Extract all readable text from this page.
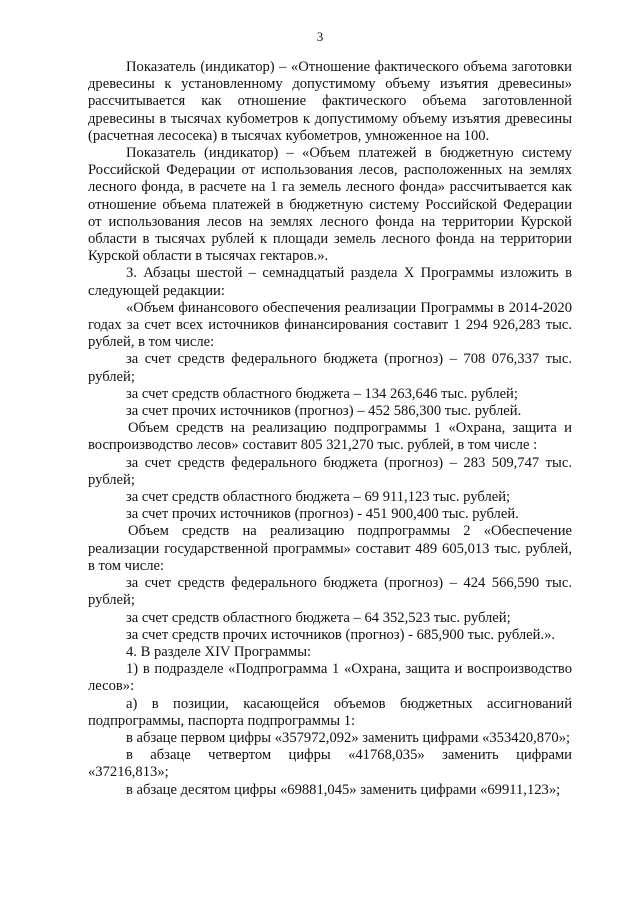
3

Показатель (индикатор) – «Отношение фактического объема заготовки древесины к установленному допустимому объему изъятия древесины» рассчитывается как отношение фактического объема заготовленной древесины в тысячах кубометров к допустимому объему изъятия древесины (расчетная лесосека) в тысячах кубометров, умноженное на 100.

Показатель (индикатор) – «Объем платежей в бюджетную систему Российской Федерации от использования лесов, расположенных на землях лесного фонда, в расчете на 1 га земель лесного фонда» рассчитывается как отношение объема платежей в бюджетную систему Российской Федерации от использования лесов на землях лесного фонда на территории Курской области в тысячах рублей к площади земель лесного фонда на территории Курской области в тысячах гектаров.».

3. Абзацы шестой – семнадцатый раздела Х Программы изложить в следующей редакции:

«Объем финансового обеспечения реализации Программы в 2014-2020 годах за счет всех источников финансирования составит 1 294 926,283 тыс. рублей, в том числе:

за счет средств федерального бюджета (прогноз) – 708 076,337 тыс. рублей;

за счет средств областного бюджета – 134 263,646 тыс. рублей;

за счет прочих источников (прогноз) – 452 586,300 тыс. рублей.

Объем средств на реализацию подпрограммы 1 «Охрана, защита и воспроизводство лесов» составит 805 321,270 тыс. рублей, в том числе :

за счет средств федерального бюджета (прогноз) – 283 509,747 тыс. рублей;

за счет средств областного бюджета – 69 911,123 тыс. рублей;

за счет прочих источников (прогноз) - 451 900,400 тыс. рублей.

Объем средств на реализацию подпрограммы 2 «Обеспечение реализации государственной программы» составит 489 605,013 тыс. рублей, в том числе:

за счет средств федерального бюджета (прогноз) – 424 566,590 тыс. рублей;

за счет средств областного бюджета – 64 352,523 тыс. рублей;

за счет средств прочих источников (прогноз) - 685,900 тыс. рублей.».

4. В разделе XIV Программы:

1) в подразделе «Подпрограмма 1 «Охрана, защита и воспроизводство лесов»:

а) в позиции, касающейся объемов бюджетных ассигнований подпрограммы, паспорта подпрограммы 1:

в абзаце первом цифры «357972,092» заменить цифрами «353420,870»;

в абзаце четвертом цифры «41768,035» заменить цифрами «37216,813»;

в абзаце десятом цифры «69881,045» заменить цифрами «69911,123»;
